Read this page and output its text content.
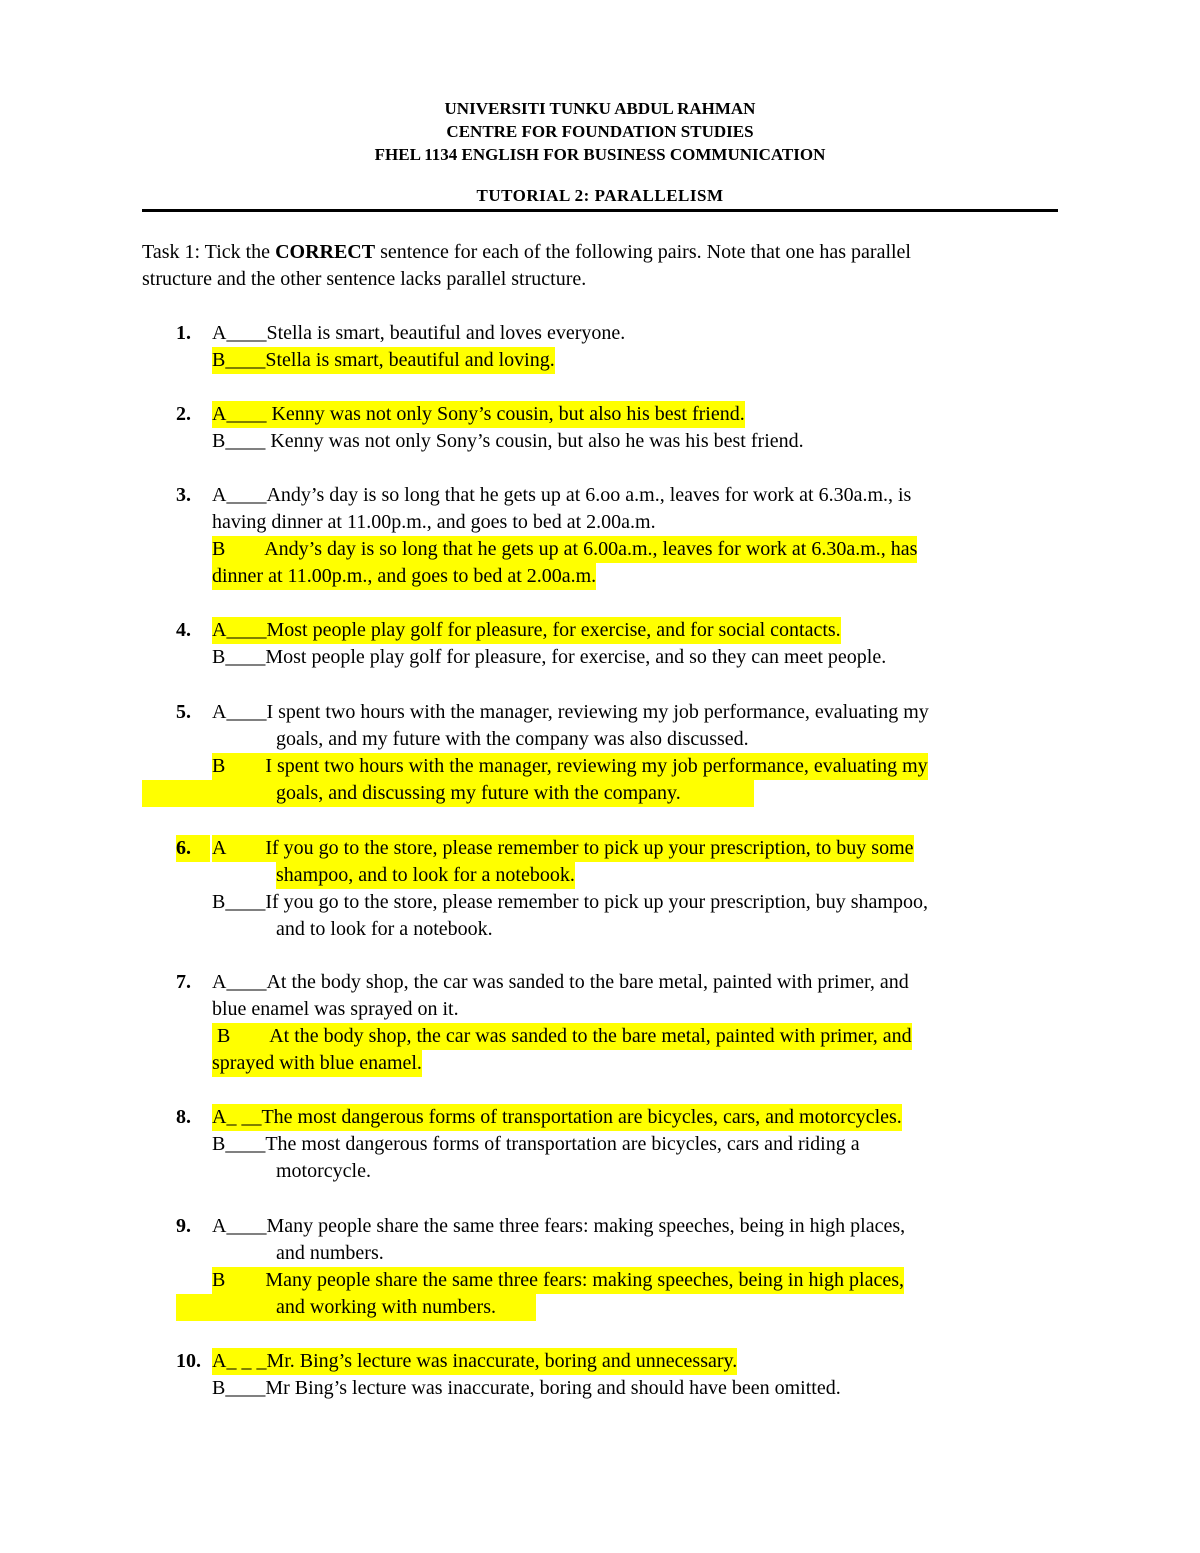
UNIVERSITI TUNKU ABDUL RAHMAN
CENTRE FOR FOUNDATION STUDIES
FHEL 1134 ENGLISH FOR BUSINESS COMMUNICATION
TUTORIAL 2: PARALLELISM
Task 1: Tick the CORRECT sentence for each of the following pairs. Note that one has parallel
structure and the other sentence lacks parallel structure.
1.	A____Stella is smart, beautiful and loves everyone.
B____Stella is smart, beautiful and loving.
2.	A____ Kenny was not only Sony’s cousin, but also his best friend.
B____ Kenny was not only Sony’s cousin, but also he was his best friend.
3.	A____Andy’s day is so long that he gets up at 6.oo a.m., leaves for work at 6.30a.m., is
having dinner at 11.00p.m., and goes to bed at 2.00a.m.
B        Andy’s day is so long that he gets up at 6.00a.m., leaves for work at 6.30a.m., has
dinner at 11.00p.m., and goes to bed at 2.00a.m.
4.	A____Most people play golf for pleasure, for exercise, and for social contacts.
B____Most people play golf for pleasure, for exercise, and so they can meet people.
5.	A____I spent two hours with the manager, reviewing my job performance, evaluating my
goals, and my future with the company was also discussed.
B        I spent two hours with the manager, reviewing my job performance, evaluating my
goals, and discussing my future with the company.
6.	A        If you go to the store, please remember to pick up your prescription, to buy some
shampoo, and to look for a notebook.
B____If you go to the store, please remember to pick up your prescription, buy shampoo,
and to look for a notebook.
7.	A____At the body shop, the car was sanded to the bare metal, painted with primer, and
blue enamel was sprayed on it.
B        At the body shop, the car was sanded to the bare metal, painted with primer, and
sprayed with blue enamel.
8.	A_ __The most dangerous forms of transportation are bicycles, cars, and motorcycles.
B____The most dangerous forms of transportation are bicycles, cars and riding a
motorcycle.
9.	A____Many people share the same three fears: making speeches, being in high places,
and numbers.
B        Many people share the same three fears: making speeches, being in high places,
and working with numbers.
10. A_ _ _Mr. Bing’s lecture was inaccurate, boring and unnecessary.
B____Mr Bing’s lecture was inaccurate, boring and should have been omitted.
